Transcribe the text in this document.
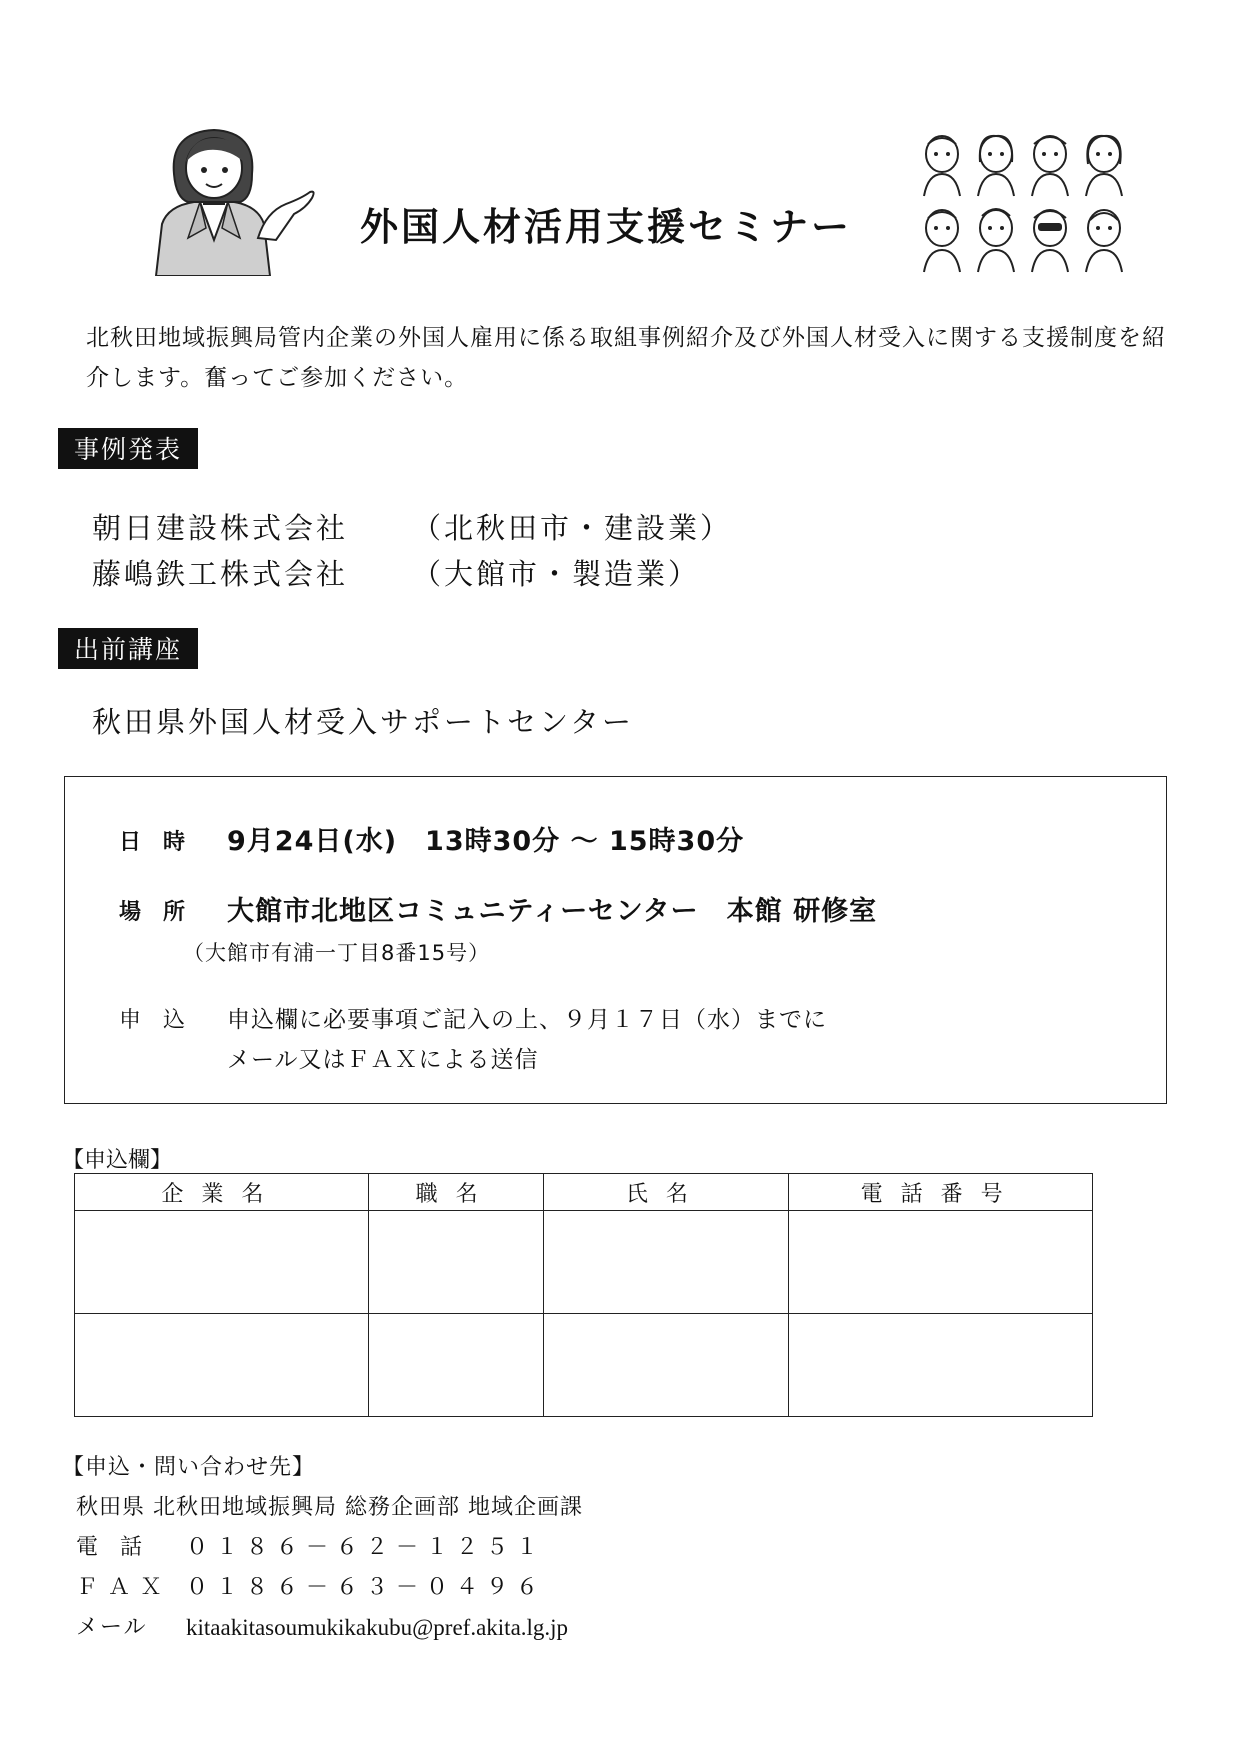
外国人材活用支援セミナー
北秋田地域振興局管内企業の外国人雇用に係る取組事例紹介及び外国人材受入に関する支援制度を紹介します。奮ってご参加ください。
事例発表
朝日建設株式会社 （北秋田市・建設業）
藤嶋鉄工株式会社 （大館市・製造業）
出前講座
秋田県外国人材受入サポートセンター
日時 9月24日(水)　13時30分 ～ 15時30分
場所 大館市北地区コミュニティーセンター　本館 研修室
（大館市有浦一丁目8番15号）
申込 申込欄に必要事項ご記入の上、９月１７日（水）までに
メール又はＦＡＸによる送信
【申込欄】
企業名	職名	氏名	電話番号

【申込・問い合わせ先】
秋田県 北秋田地域振興局 総務企画部 地域企画課
電話 ０１８６－６２－１２５１
ＦＡＸ ０１８６－６３－０４９６
メール kitaakitasoumukikakubu@pref.akita.lg.jp
